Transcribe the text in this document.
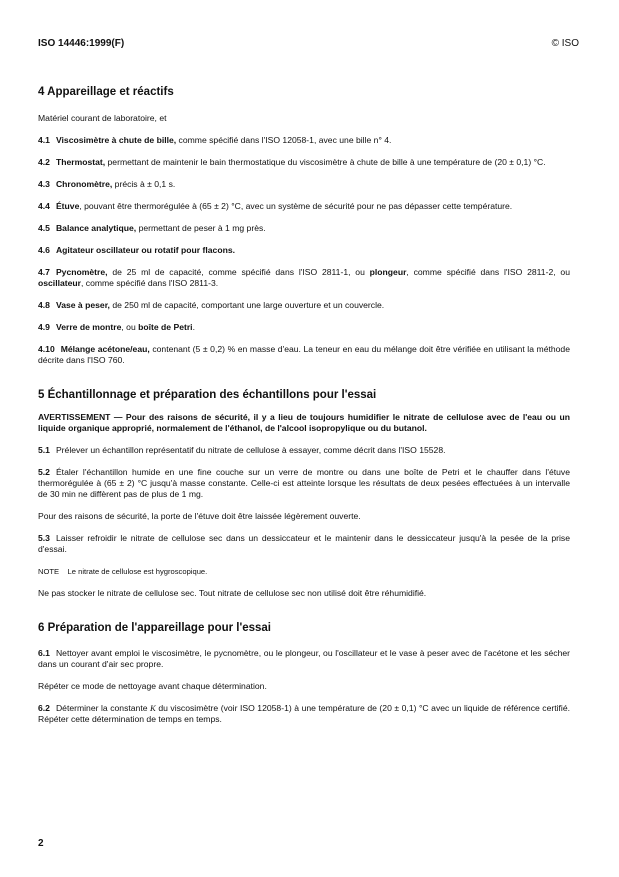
ISO 14446:1999(F)	© ISO
4 Appareillage et réactifs

Matériel courant de laboratoire, et

4.1 Viscosimètre à chute de bille, comme spécifié dans l'ISO 12058-1, avec une bille n° 4.

4.2 Thermostat, permettant de maintenir le bain thermostatique du viscosimètre à chute de bille à une température de (20 ± 0,1) °C.

4.3 Chronomètre, précis à ± 0,1 s.

4.4 Étuve, pouvant être thermorégulée à (65 ± 2) °C, avec un système de sécurité pour ne pas dépasser cette température.

4.5 Balance analytique, permettant de peser à 1 mg près.

4.6 Agitateur oscillateur ou rotatif pour flacons.

4.7 Pycnomètre, de 25 ml de capacité, comme spécifié dans l'ISO 2811-1, ou plongeur, comme spécifié dans l'ISO 2811-2, ou oscillateur, comme spécifié dans l'ISO 2811-3.

4.8 Vase à peser, de 250 ml de capacité, comportant une large ouverture et un couvercle.

4.9 Verre de montre, ou boîte de Petri.

4.10 Mélange acétone/eau, contenant (5 ± 0,2) % en masse d'eau. La teneur en eau du mélange doit être vérifiée en utilisant la méthode décrite dans l'ISO 760.

5 Échantillonnage et préparation des échantillons pour l'essai

AVERTISSEMENT — Pour des raisons de sécurité, il y a lieu de toujours humidifier le nitrate de cellulose avec de l'eau ou un liquide organique approprié, normalement de l'éthanol, de l'alcool isopropylique ou du butanol.

5.1 Prélever un échantillon représentatif du nitrate de cellulose à essayer, comme décrit dans l'ISO 15528.

5.2 Étaler l'échantillon humide en une fine couche sur un verre de montre ou dans une boîte de Petri et le chauffer dans l'étuve thermorégulée à (65 ± 2) °C jusqu'à masse constante. Celle-ci est atteinte lorsque les résultats de deux pesées effectuées à un intervalle de 30 min ne diffèrent pas de plus de 1 mg.

Pour des raisons de sécurité, la porte de l'étuve doit être laissée légèrement ouverte.

5.3 Laisser refroidir le nitrate de cellulose sec dans un dessiccateur et le maintenir dans le dessiccateur jusqu'à la pesée de la prise d'essai.

NOTE    Le nitrate de cellulose est hygroscopique.

Ne pas stocker le nitrate de cellulose sec. Tout nitrate de cellulose sec non utilisé doit être réhumidifié.

6 Préparation de l'appareillage pour l'essai

6.1 Nettoyer avant emploi le viscosimètre, le pycnomètre, ou le plongeur, ou l'oscillateur et le vase à peser avec de l'acétone et les sécher dans un courant d'air sec propre.

Répéter ce mode de nettoyage avant chaque détermination.

6.2 Déterminer la constante K du viscosimètre (voir ISO 12058-1) à une température de (20 ± 0,1) °C avec un liquide de référence certifié. Répéter cette détermination de temps en temps.

2
